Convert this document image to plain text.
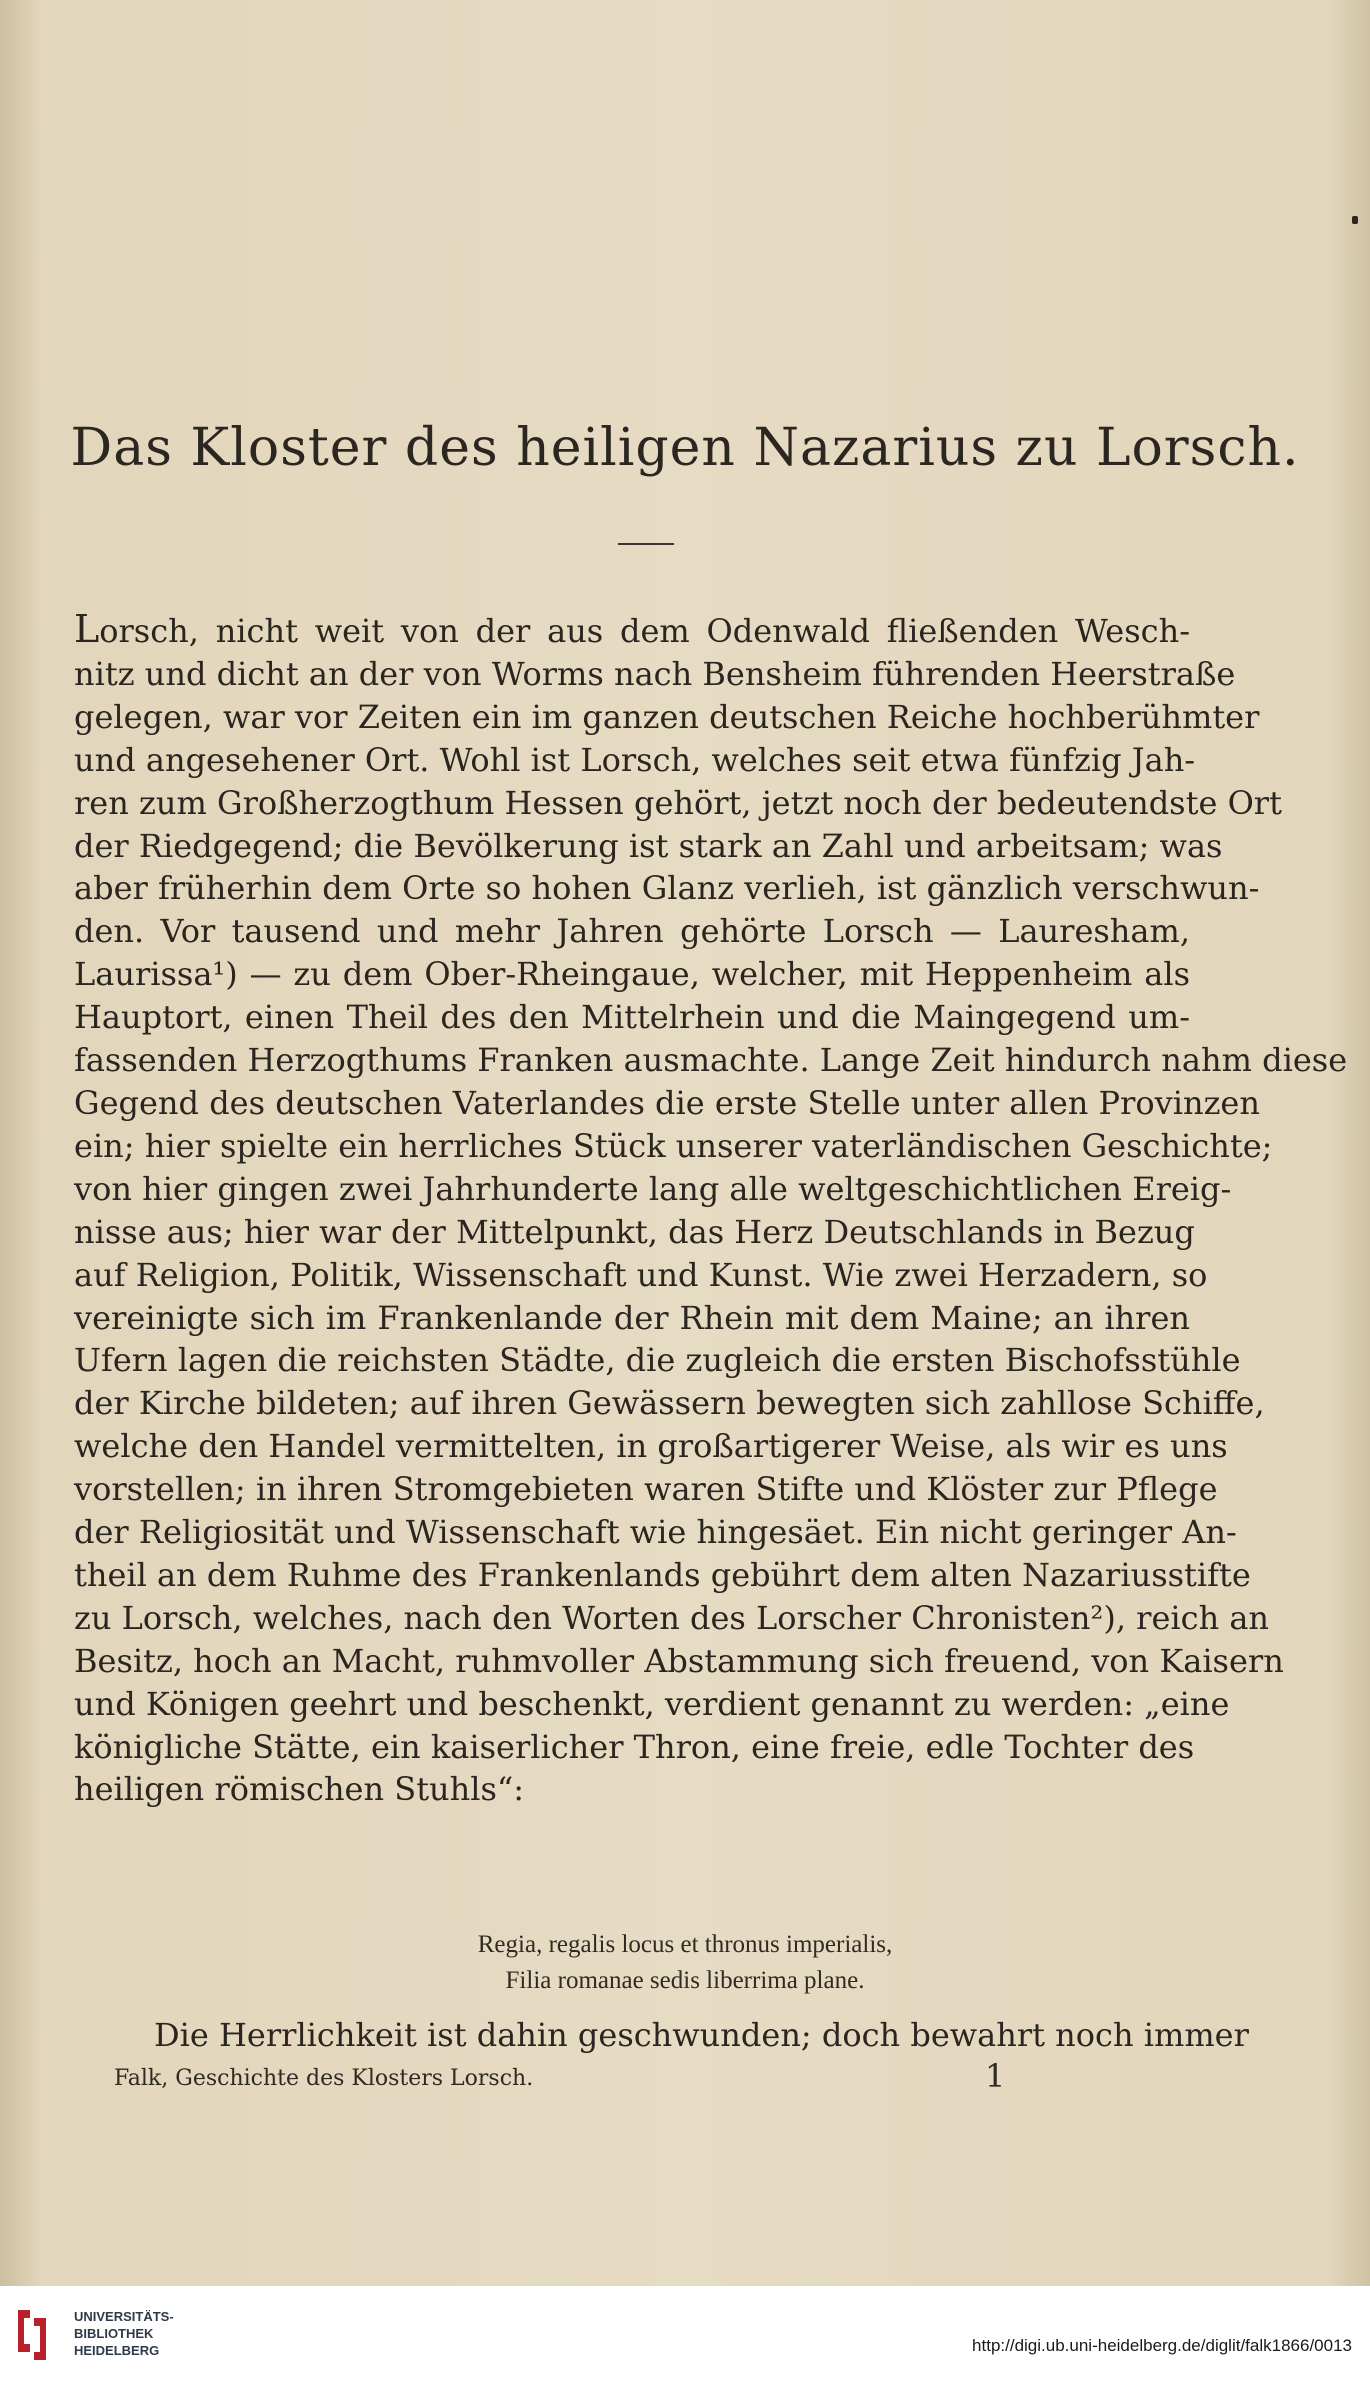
Das Kloster des heiligen Nazarius zu Lorsch.
Lorsch, nicht weit von der aus dem Odenwald fließenden Wesch-
nitz und dicht an der von Worms nach Bensheim führenden Heerstraße
gelegen, war vor Zeiten ein im ganzen deutschen Reiche hochberühmter
und angesehener Ort. Wohl ist Lorsch, welches seit etwa fünfzig Jah-
ren zum Großherzogthum Hessen gehört, jetzt noch der bedeutendste Ort
der Riedgegend; die Bevölkerung ist stark an Zahl und arbeitsam; was
aber früherhin dem Orte so hohen Glanz verlieh, ist gänzlich verschwun-
den. Vor tausend und mehr Jahren gehörte Lorsch — Lauresham,
Laurissa¹) — zu dem Ober-Rheingaue, welcher, mit Heppenheim als
Hauptort, einen Theil des den Mittelrhein und die Maingegend um-
fassenden Herzogthums Franken ausmachte. Lange Zeit hindurch nahm diese
Gegend des deutschen Vaterlandes die erste Stelle unter allen Provinzen
ein; hier spielte ein herrliches Stück unserer vaterländischen Geschichte;
von hier gingen zwei Jahrhunderte lang alle weltgeschichtlichen Ereig-
nisse aus; hier war der Mittelpunkt, das Herz Deutschlands in Bezug
auf Religion, Politik, Wissenschaft und Kunst. Wie zwei Herzadern, so
vereinigte sich im Frankenlande der Rhein mit dem Maine; an ihren
Ufern lagen die reichsten Städte, die zugleich die ersten Bischofsstühle
der Kirche bildeten; auf ihren Gewässern bewegten sich zahllose Schiffe,
welche den Handel vermittelten, in großartigerer Weise, als wir es uns
vorstellen; in ihren Stromgebieten waren Stifte und Klöster zur Pflege
der Religiosität und Wissenschaft wie hingesäet. Ein nicht geringer An-
theil an dem Ruhme des Frankenlands gebührt dem alten Nazariusstifte
zu Lorsch, welches, nach den Worten des Lorscher Chronisten²), reich an
Besitz, hoch an Macht, ruhmvoller Abstammung sich freuend, von Kaisern
und Königen geehrt und beschenkt, verdient genannt zu werden: „eine
königliche Stätte, ein kaiserlicher Thron, eine freie, edle Tochter des
heiligen römischen Stuhls“:
Regia, regalis locus et thronus imperialis,
Filia romanae sedis liberrima plane.
Die Herrlichkeit ist dahin geschwunden; doch bewahrt noch immer
Falk, Geschichte des Klosters Lorsch.	1
UNIVERSITÄTS-
BIBLIOTHEK
HEIDELBERG	http://digi.ub.uni-heidelberg.de/diglit/falk1866/0013
